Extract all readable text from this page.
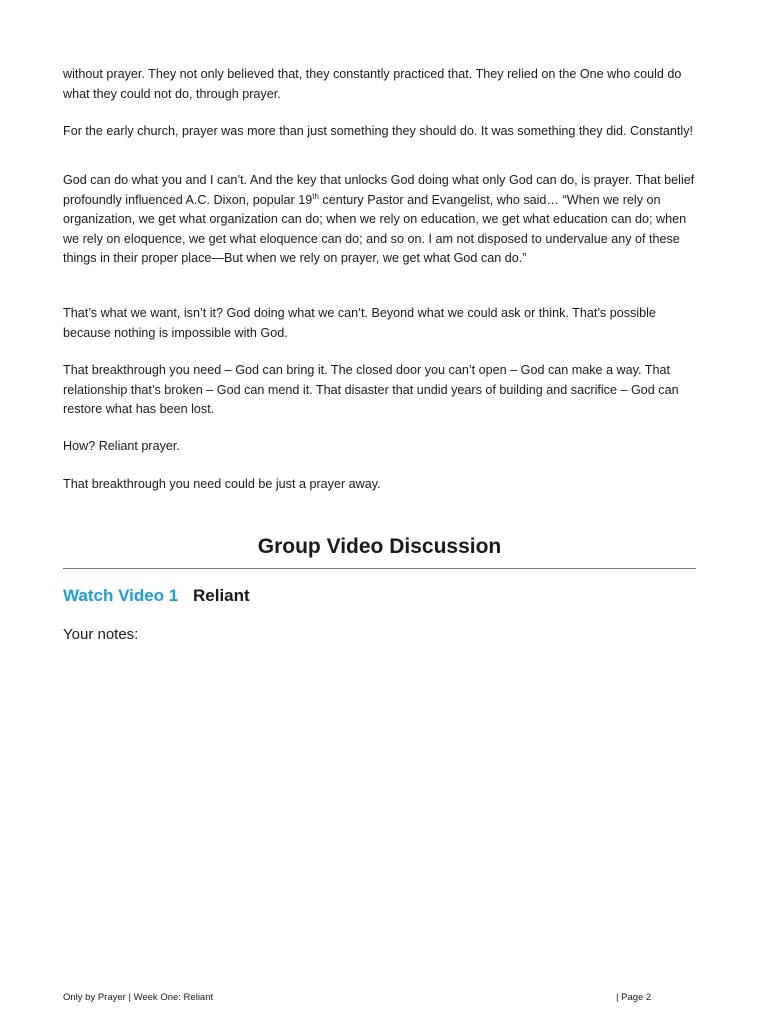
without prayer. They not only believed that, they constantly practiced that. They relied on the One who could do what they could not do, through prayer.

For the early church, prayer was more than just something they should do. It was something they did. Constantly!

God can do what you and I can’t. And the key that unlocks God doing what only God can do, is prayer. That belief profoundly influenced A.C. Dixon, popular 19th century Pastor and Evangelist, who said… “When we rely on organization, we get what organization can do; when we rely on education, we get what education can do; when we rely on eloquence, we get what eloquence can do; and so on. I am not disposed to undervalue any of these things in their proper place—But when we rely on prayer, we get what God can do.”

That’s what we want, isn’t it? God doing what we can’t. Beyond what we could ask or think. That’s possible because nothing is impossible with God.

That breakthrough you need – God can bring it. The closed door you can’t open – God can make a way. That relationship that’s broken – God can mend it. That disaster that undid years of building and sacrifice – God can restore what has been lost.

How? Reliant prayer.

That breakthrough you need could be just a prayer away.

Group Video Discussion

Watch Video 1 Reliant

Your notes:

Only by Prayer | Week One: Reliant	| Page 2
